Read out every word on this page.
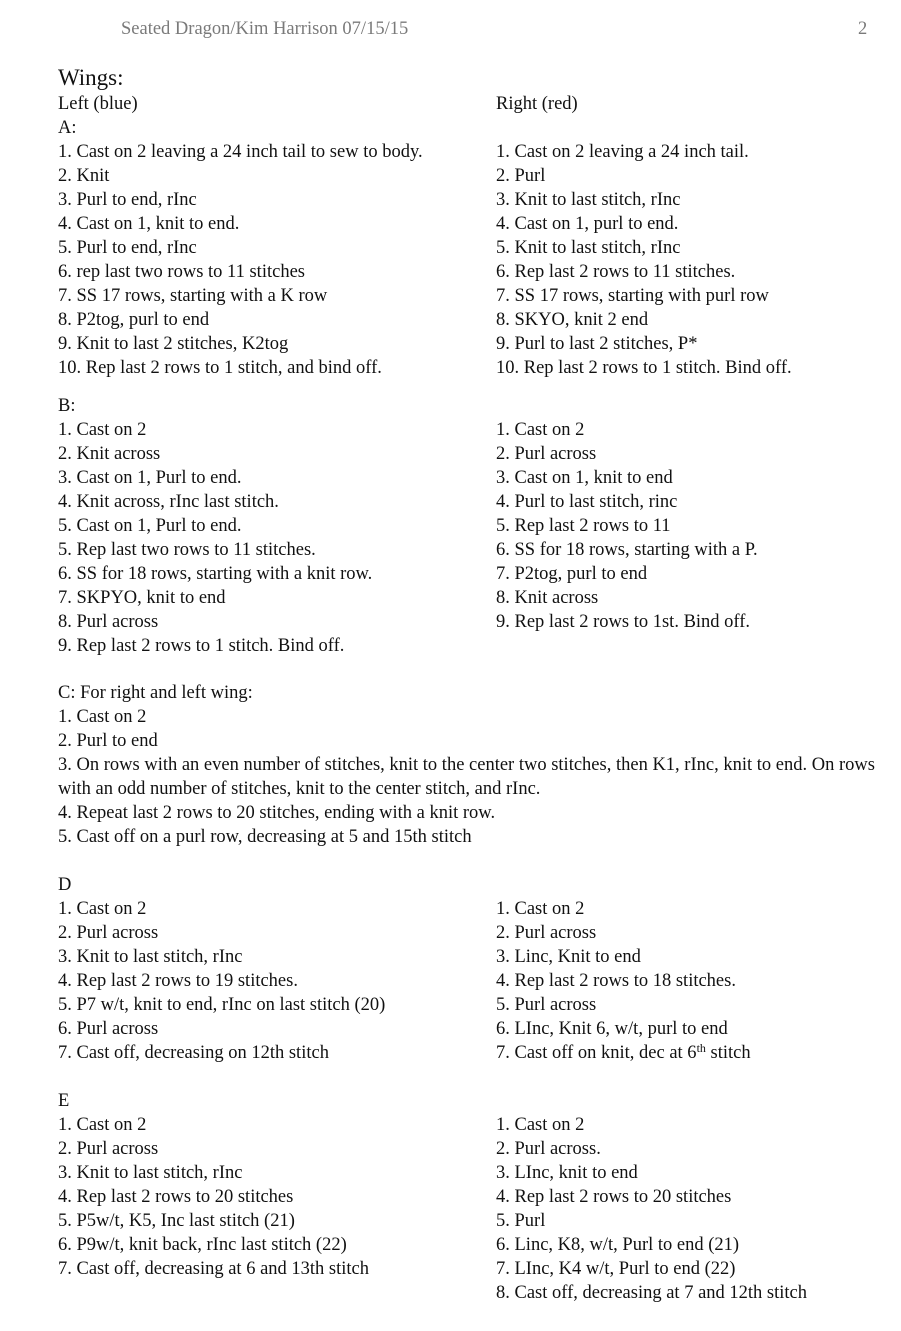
Seated Dragon/Kim Harrison 07/15/15	2
Wings:
Left (blue)
A:
1. Cast on 2 leaving a 24 inch tail to sew to body.
2. Knit
3. Purl to end, rInc
4. Cast on 1, knit to end.
5. Purl to end, rInc
6. rep last two rows to 11 stitches
7. SS 17 rows, starting with a K row
8. P2tog, purl to end
9. Knit to last 2 stitches, K2tog
10. Rep last 2 rows to 1 stitch, and bind off.
Right (red)
1. Cast on 2 leaving a 24 inch tail.
2. Purl
3. Knit to last stitch, rInc
4. Cast on 1, purl to end.
5. Knit to last stitch, rInc
6. Rep last 2 rows to 11 stitches.
7. SS 17 rows, starting with purl row
8. SKYO, knit 2 end
9. Purl to last 2 stitches, P*
10. Rep last 2 rows to 1 stitch. Bind off.
B:
1. Cast on 2
2. Knit across
3. Cast on 1, Purl to end.
4. Knit across, rInc last stitch.
5. Cast on 1, Purl to end.
5. Rep last two rows to 11 stitches.
6. SS for 18 rows, starting with a knit row.
7. SKPYO, knit to end
8. Purl across
9. Rep last 2 rows to 1 stitch. Bind off.
1. Cast on 2
2. Purl across
3. Cast on 1, knit to end
4. Purl to last stitch, rinc
5. Rep last 2 rows to 11
6. SS for 18 rows, starting with a P.
7. P2tog, purl to end
8. Knit across
9. Rep last 2 rows to 1st. Bind off.
C: For right and left wing:
1. Cast on 2
2. Purl to end
3. On rows with an even number of stitches, knit to the center two stitches, then K1, rInc, knit to end. On rows with an odd number of stitches, knit to the center stitch, and rInc.
4. Repeat last 2 rows to 20 stitches, ending with a knit row.
5. Cast off on a purl row, decreasing at 5 and 15th stitch
D
1. Cast on 2
2. Purl across
3. Knit to last stitch, rInc
4. Rep last 2 rows to 19 stitches.
5. P7 w/t, knit to end, rInc on last stitch (20)
6. Purl across
7. Cast off, decreasing on 12th stitch
1. Cast on 2
2. Purl across
3. Linc, Knit to end
4. Rep last 2 rows to 18 stitches.
5. Purl across
6. LInc, Knit 6, w/t, purl to end
7. Cast off on knit, dec at 6th stitch
E
1. Cast on 2
2. Purl across
3. Knit to last stitch, rInc
4. Rep last 2 rows to 20 stitches
5. P5w/t, K5, Inc last stitch (21)
6. P9w/t, knit back, rInc last stitch (22)
7. Cast off, decreasing at 6 and 13th stitch
1. Cast on 2
2. Purl across.
3. LInc, knit to end
4. Rep last 2 rows to 20 stitches
5. Purl
6. Linc, K8, w/t, Purl to end (21)
7. LInc, K4 w/t, Purl to end (22)
8. Cast off, decreasing at 7 and 12th stitch
